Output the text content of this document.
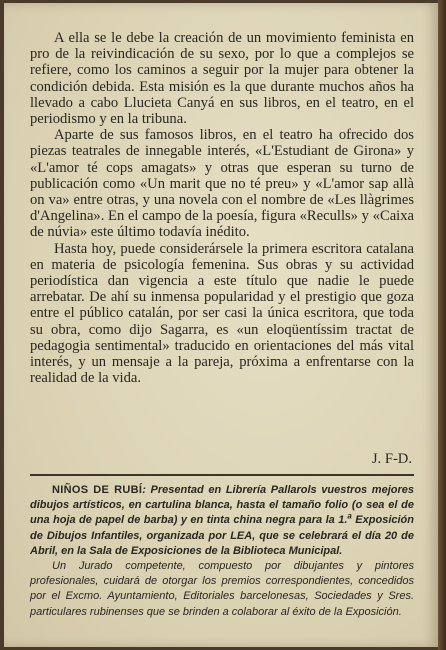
A ella se le debe la creación de un movimiento feminista en pro de la reivindicación de su sexo, por lo que a complejos se refiere, como los caminos a seguir por la mujer para obtener la condición debida. Esta misión es la que durante muchos años ha llevado a cabo Llucieta Canyá en sus libros, en el teatro, en el periodismo y en la tribuna.

Aparte de sus famosos libros, en el teatro ha ofrecido dos piezas teatrales de innegable interés, «L'Estudiant de Girona» y «L'amor té cops amagats» y otras que esperan su turno de publicación como «Un marit que no té preu» y «L'amor sap allà on va» entre otras, y una novela con el nombre de «Les llàgrimes d'Angelina». En el campo de la poesía, figura «Reculls» y «Caixa de núvia» este último todavía inédito.

Hasta hoy, puede considerársele la primera escritora catalana en materia de psicología femenina. Sus obras y su actividad periodística dan vigencia a este título que nadie le puede arrebatar. De ahí su inmensa popularidad y el prestigio que goza entre el público catalán, por ser casi la única escritora, que toda su obra, como dijo Sagarra, es «un eloqüentíssim tractat de pedagogia sentimental» traducido en orientaciones del más vital interés, y un mensaje a la pareja, próxima a enfrentarse con la realidad de la vida.

J. F-D.

NIÑOS DE RUBÍ: Presentad en Librería Pallarols vuestros mejores dibujos artísticos, en cartulina blanca, hasta el tamaño folio (o sea el de una hoja de papel de barba) y en tinta china negra para la 1.$^a$ Exposición de Dibujos Infantiles, organizada por LEA, que se celebrará el día 20 de Abril, en la Sala de Exposiciones de la Biblioteca Municipal.

Un Jurado competente, compuesto por dibujantes y pintores profesionales, cuidará de otorgar los premios correspondientes, concedidos por el Excmo. Ayuntamiento, Editoriales barcelonesas, Sociedades y Sres. particulares rubinenses que se brinden a colaborar al éxito de la Exposición.
